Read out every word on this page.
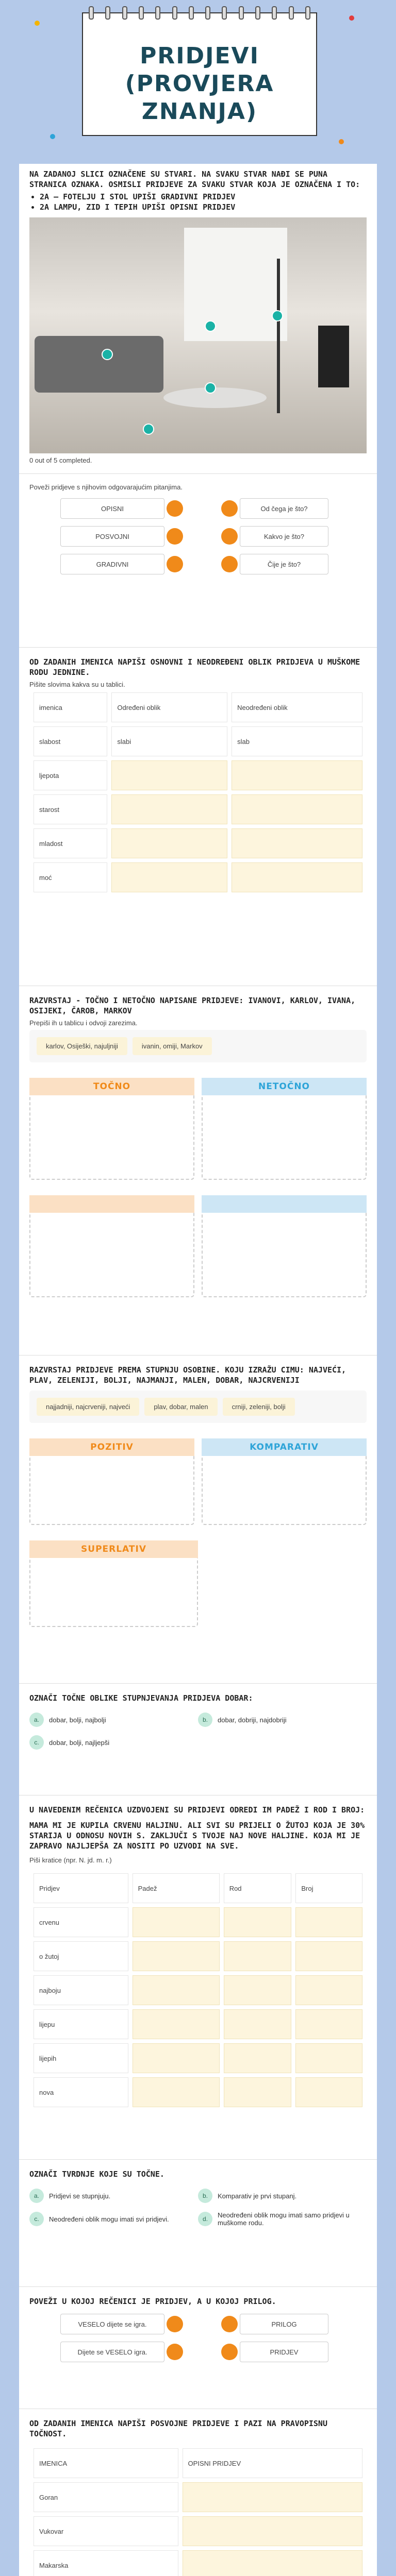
PRIDJEVI
(PROVJERA ZNANJA)
NA ZADANOJ SLICI OZNAČENE SU STVARI. NA SVAKU STVAR NAĐI SE PUNA STRANICA OZNAKA. OSMISLI PRIDJEVE ZA SVAKU STVAR KOJA JE OZNAČENA I TO:
• 2A – FOTELJU I STOL UPIŠI GRADIVNI PRIDJEV
• 2A LAMPU, ZID I TEPIH UPIŠI OPISNI PRIDJEV
0 out of 5 completed.
Poveži pridjeve s njihovim odgovarajućim pitanjima.
OPISNI	Od čega je što?
POSVOJNI	Kakvo je što?
GRADIVNI	Čije je što?
OD ZADANIH IMENICA NAPIŠI OSNOVNI I NEODREĐENI OBLIK PRIDJEVA U MUŠKOME RODU JEDNINE.
Pišite slovima kakva su u tablici.
imenica	Određeni oblik	Neodređeni oblik
slabost	slabi	slab
ljepota		
starost		
mladost		
moć		
RAZVRSTAJ - TOČNO I NETOČNO NAPISANE PRIDJEVE: IVANOVI, KARLOV, IVANA, OSIJEKI, ČAROB, MARKOV
Prepiši ih u tablicu i odvoji zarezima.
karlov, Osiješki, najuljniji	ivanin, omiji, Markov
TOČNO	NETOČNO
RAZVRSTAJ PRIDJEVE PREMA STUPNJU OSOBINE. KOJU IZRAŽU CIMU: NAJVEĆI, PLAV, ZELENIJI, BOLJI, NAJMANJI, MALEN, DOBAR, NAJCRVENIJI
najjadniji, najcrveniji, najveći	plav, dobar, malen	crniji, zeleniji, bolji
POZITIV	KOMPARATIV
SUPERLATIV
OZNAČI TOČNE OBLIKE STUPNJEVANJA PRIDJEVA DOBAR:
a.	dobar, bolji, najbolji	b.	dobar, dobriji, najdobriji
c.	dobar, bolji, najljepši
U NAVEDENIM REČENICA UZDVOJENI SU PRIDJEVI ODREDI IM PADEŽ I ROD I BROJ:
MAMA MI JE KUPILA CRVENU HALJINU. ALI SVI SU PRIJELI O ŽUTOJ KOJA JE 30% STARIJA U ODNOSU NOVIH S. ZAKLJUČI S TVOJE NAJ NOVE HALJINE. KOJA MI JE ZAPRAVO NAJLJEPŠA ZA NOSITI PO UZVODI NA SVE.
Piši kratice (npr. N. jd. m. r.)
Pridjev	Padež	Rod	Broj
crvenu			
o žutoj			
najboju			
lijepu			
lijepih			
nova			
OZNAČI TVRDNJE KOJE SU TOČNE.
a.	Pridjevi se stupnjuju.	b.	Komparativ je prvi stupanj.
c.	Neodređeni oblik mogu imati svi pridjevi.	d.	Neodređeni oblik mogu imati samo pridjevi u muškome rodu.
POVEŽI U KOJOJ REČENICI JE PRIDJEV, A U KOJOJ PRILOG.
VESELO dijete se igra.	PRILOG
Dijete se VESELO igra.	PRIDJEV
OD ZADANIH IMENICA NAPIŠI POSVOJNE PRIDJEVE I PAZI NA PRAVOPISNU TOČNOST.
IMENICA	OPISNI PRIDJEV
Goran	
Vukovar	
Makarska	
